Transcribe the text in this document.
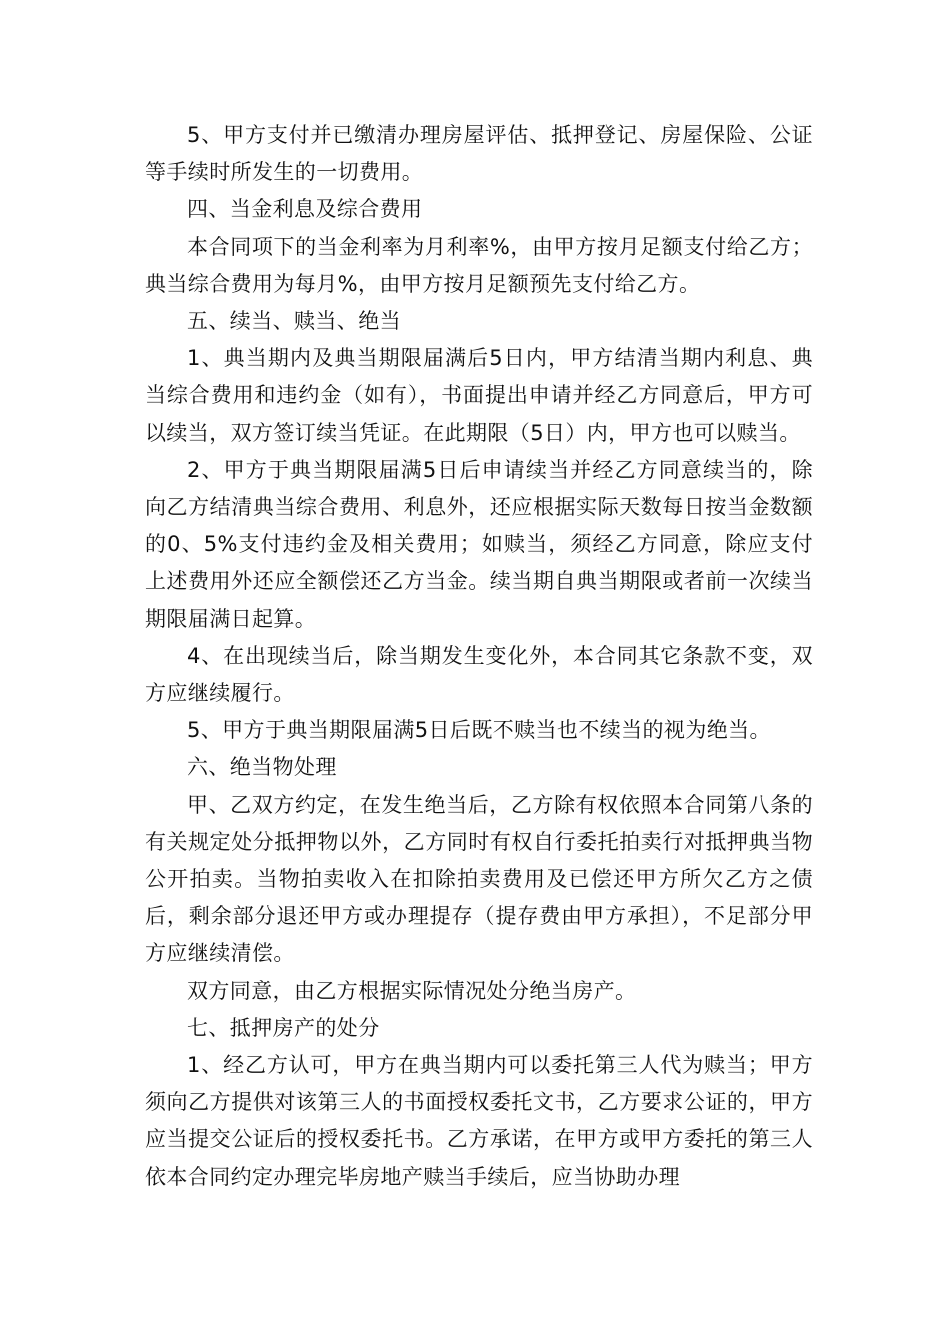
5、甲方支付并已缴清办理房屋评估、抵押登记、房屋保险、公证等手续时所发生的一切费用。

四、当金利息及综合费用

本合同项下的当金利率为月利率%，由甲方按月足额支付给乙方；典当综合费用为每月%，由甲方按月足额预先支付给乙方。

五、续当、赎当、绝当

1、典当期内及典当期限届满后5日内，甲方结清当期内利息、典当综合费用和违约金（如有），书面提出申请并经乙方同意后，甲方可以续当，双方签订续当凭证。在此期限（5日）内，甲方也可以赎当。

2、甲方于典当期限届满5日后申请续当并经乙方同意续当的，除向乙方结清典当综合费用、利息外，还应根据实际天数每日按当金数额的0、5%支付违约金及相关费用；如赎当，须经乙方同意，除应支付上述费用外还应全额偿还乙方当金。续当期自典当期限或者前一次续当期限届满日起算。

4、在出现续当后，除当期发生变化外，本合同其它条款不变，双方应继续履行。

5、甲方于典当期限届满5日后既不赎当也不续当的视为绝当。

六、绝当物处理

甲、乙双方约定，在发生绝当后，乙方除有权依照本合同第八条的有关规定处分抵押物以外，乙方同时有权自行委托拍卖行对抵押典当物公开拍卖。当物拍卖收入在扣除拍卖费用及已偿还甲方所欠乙方之债后，剩余部分退还甲方或办理提存（提存费由甲方承担），不足部分甲方应继续清偿。

双方同意，由乙方根据实际情况处分绝当房产。

七、抵押房产的处分

1、经乙方认可，甲方在典当期内可以委托第三人代为赎当；甲方须向乙方提供对该第三人的书面授权委托文书，乙方要求公证的，甲方应当提交公证后的授权委托书。乙方承诺，在甲方或甲方委托的第三人依本合同约定办理完毕房地产赎当手续后，应当协助办理
